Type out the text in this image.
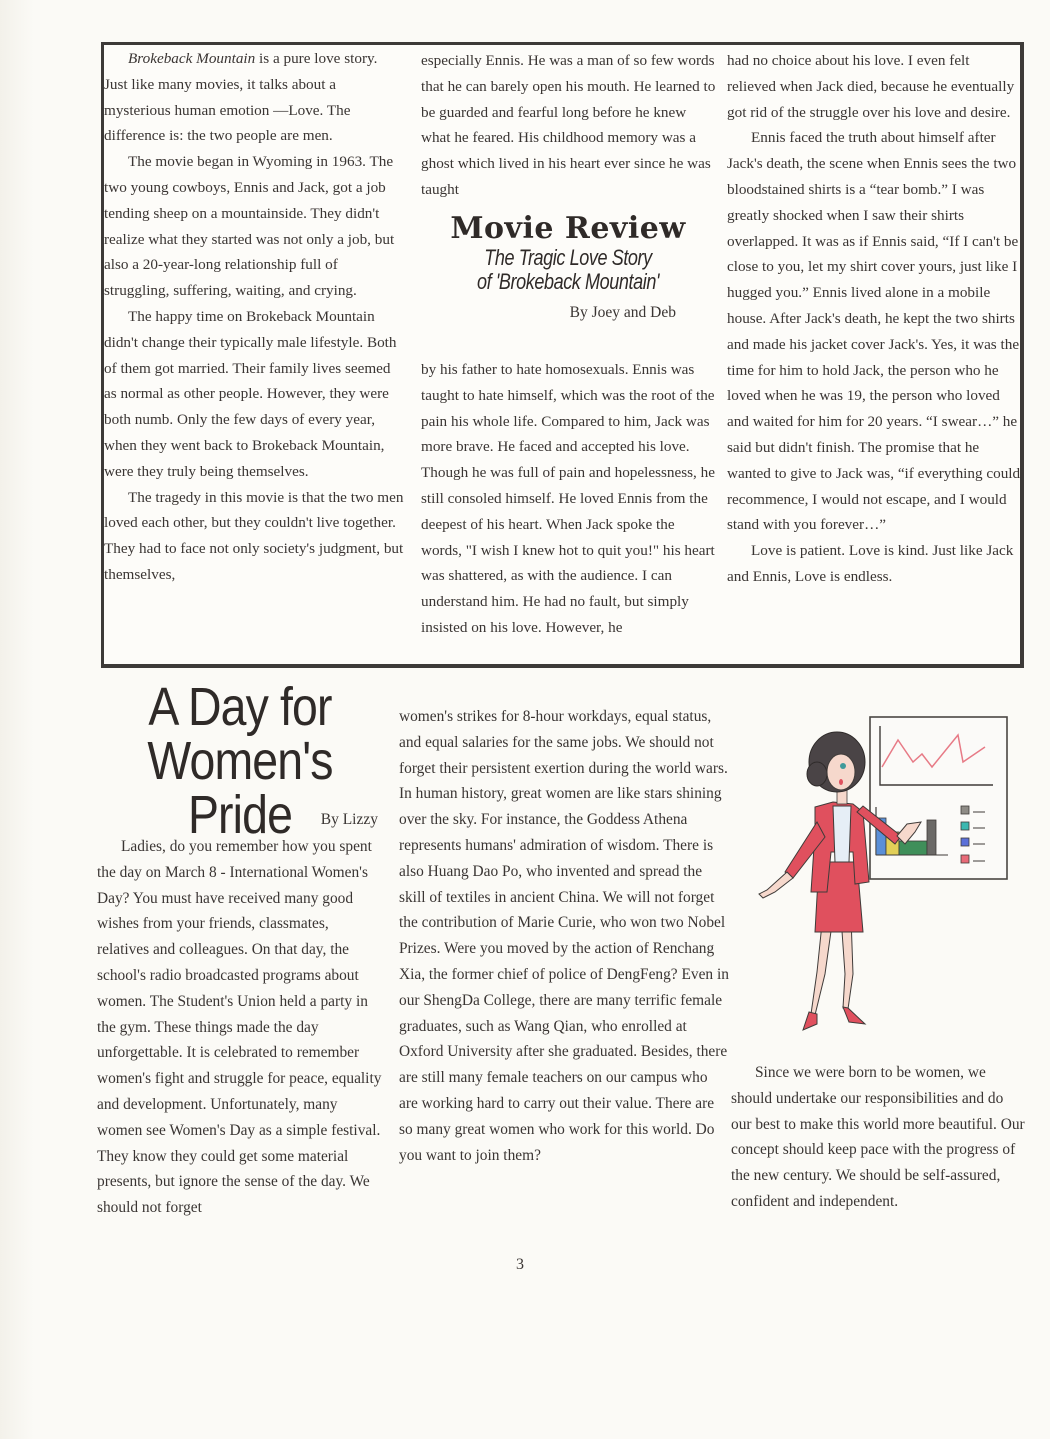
Brokeback Mountain is a pure love story. Just like many movies, it talks about a mysterious human emotion —Love. The difference is: the two people are men.

The movie began in Wyoming in 1963. The two young cowboys, Ennis and Jack, got a job tending sheep on a mountainside. They didn't realize what they started was not only a job, but also a 20-year-long relationship full of struggling, suffering, waiting, and crying.

The happy time on Brokeback Mountain didn't change their typically male lifestyle. Both of them got married. Their family lives seemed as normal as other people. However, they were both numb. Only the few days of every year, when they went back to Brokeback Mountain, were they truly being themselves.

The tragedy in this movie is that the two men loved each other, but they couldn't live together. They had to face not only society's judgment, but themselves,

especially Ennis. He was a man of so few words that he can barely open his mouth. He learned to be guarded and fearful long before he knew what he feared. His childhood memory was a ghost which lived in his heart ever since he was taught

Movie Review
The Tragic Love Story
of 'Brokeback Mountain'
By Joey and Deb

by his father to hate homosexuals. Ennis was taught to hate himself, which was the root of the pain his whole life. Compared to him, Jack was more brave. He faced and accepted his love. Though he was full of pain and hopelessness, he still consoled himself. He loved Ennis from the deepest of his heart. When Jack spoke the words, "I wish I knew hot to quit you!" his heart was shattered, as with the audience. I can understand him. He had no fault, but simply insisted on his love. However, he

had no choice about his love. I even felt relieved when Jack died, because he eventually got rid of the struggle over his love and desire.

Ennis faced the truth about himself after Jack's death, the scene when Ennis sees the two bloodstained shirts is a “tear bomb.” I was greatly shocked when I saw their shirts overlapped. It was as if Ennis said, “If I can't be close to you, let my shirt cover yours, just like I hugged you.” Ennis lived alone in a mobile house. After Jack's death, he kept the two shirts and made his jacket cover Jack's. Yes, it was the time for him to hold Jack, the person who he loved when he was 19, the person who loved and waited for him for 20 years. “I swear…” he said but didn't finish. The promise that he wanted to give to Jack was, “if everything could recommence, I would not escape, and I would stand with you forever…”

Love is patient. Love is kind. Just like Jack and Ennis, Love is endless.

A Day for
Women's Pride	By Lizzy

Ladies, do you remember how you spent the day on March 8 - International Women's Day? You must have received many good wishes from your friends, classmates, relatives and colleagues. On that day, the school's radio broadcasted programs about women. The Student's Union held a party in the gym. These things made the day unforgettable. It is celebrated to remember women's fight and struggle for peace, equality and development. Unfortunately, many women see Women's Day as a simple festival. They know they could get some material presents, but ignore the sense of the day. We should not forget

women's strikes for 8-hour workdays, equal status, and equal salaries for the same jobs. We should not forget their persistent exertion during the world wars. In human history, great women are like stars shining over the sky. For instance, the Goddess Athena represents humans' admiration of wisdom. There is also Huang Dao Po, who invented and spread the skill of textiles in ancient China. We will not forget the contribution of Marie Curie, who won two Nobel Prizes. Were you moved by the action of Renchang Xia, the former chief of police of DengFeng? Even in our ShengDa College, there are many terrific female graduates, such as Wang Qian, who enrolled at Oxford University after she graduated. Besides, there are still many female teachers on our campus who are working hard to carry out their value. There are so many great women who work for this world. Do you want to join them?

Since we were born to be women, we should undertake our responsibilities and do our best to make this world more beautiful. Our concept should keep pace with the progress of the new century. We should be self-assured, confident and independent.

3
